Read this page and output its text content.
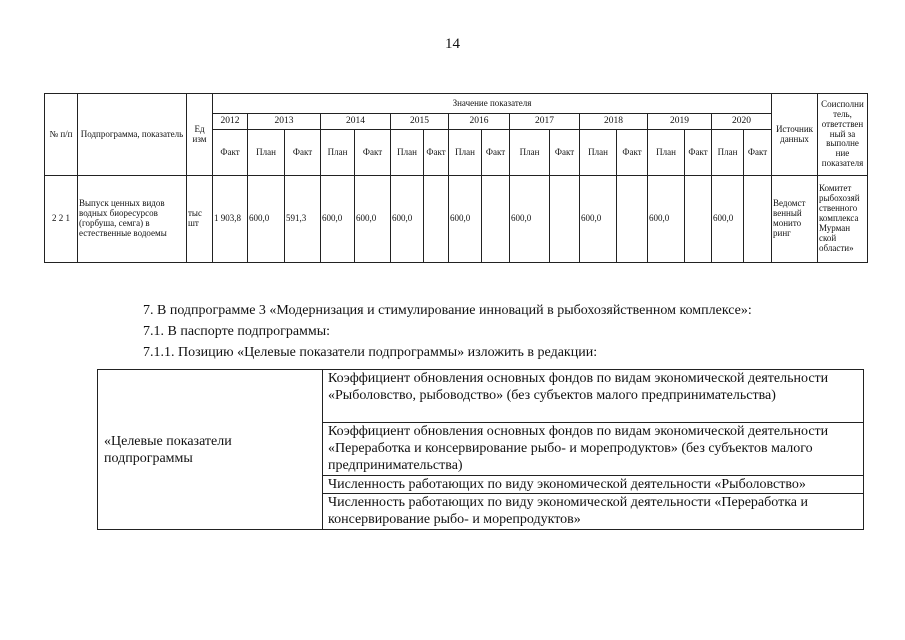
14
№ п/п	Подпрограмма, показатель	Ед изм	Значение показателя																	Источник данных	Соисполни тель, ответствен ный за выполне ние показателя
			2012	2013		2014		2015		2016		2017		2018		2019		2020			
			Факт	План	Факт	План	Факт	План	Факт	План	Факт	План	Факт	План	Факт	План	Факт	План	Факт		
2 2 1	Выпуск ценных видов водных биоресурсов (горбуша, семга) в естественные водоемы	тыс шт	1 903,8	600,0	591,3	600,0	600,0	600,0		600,0		600,0		600,0		600,0		600,0		Ведомст венный монито ринг	Комитет рыбохозяй ственного комплекса Мурман ской области»

7. В подпрограмме 3 «Модернизация и стимулирование инноваций в рыбохозяйственном комплексе»:

7.1. В паспорте подпрограммы:

7.1.1. Позицию «Целевые показатели подпрограммы» изложить в редакции:

«Целевые показатели подпрограммы	Коэффициент обновления основных фондов по видам экономической деятельности «Рыболовство, рыбоводство» (без субъектов малого предпринимательства)
Коэффициент обновления основных фондов по видам экономической деятельности «Переработка и консервирование рыбо- и морепродуктов» (без субъектов малого предпринимательства)
Численность работающих по виду экономической деятельности «Рыболовство»
Численность работающих по виду экономической деятельности «Переработка и консервирование рыбо- и морепродуктов»
